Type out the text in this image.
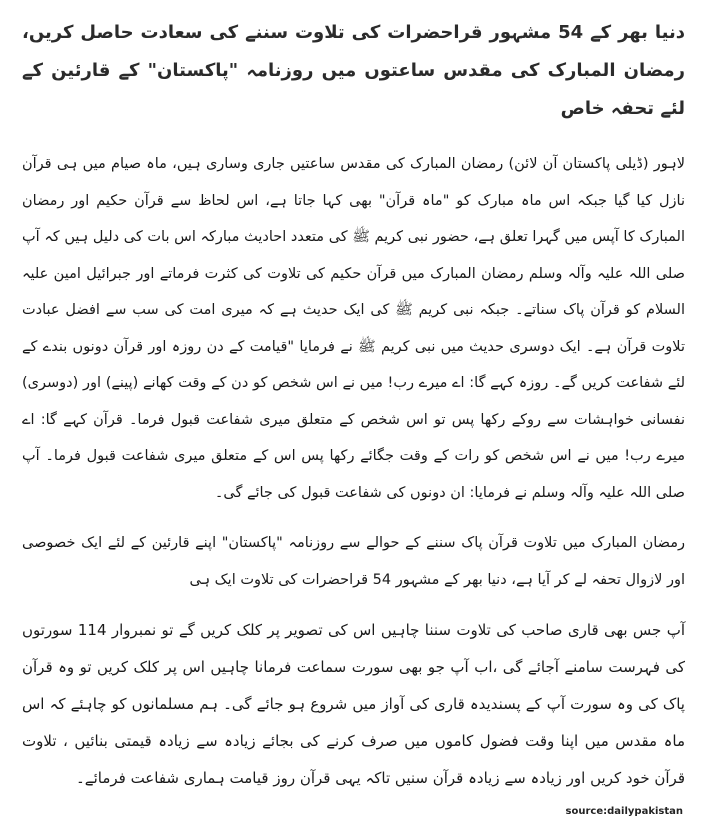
دنیا بھر کے 54 مشہور قراحضرات کی تلاوت سننے کی سعادت حاصل کریں، رمضان المبارک کی مقدس ساعتوں میں روزنامہ "پاکستان" کے قارئین کے لئے تحفہ خاص

لاہور (ڈیلی پاکستان آن لائن) رمضان المبارک کی مقدس ساعتیں جاری وساری ہیں، ماہ صیام میں ہی قرآن نازل کیا گیا جبکہ اس ماہ مبارک کو "ماہ قرآن" بھی کہا جاتا ہے، اس لحاظ سے قرآن حکیم اور رمضان المبارک کا آپس میں گہرا تعلق ہے، حضور نبی کریم ﷺ کی متعدد احادیث مبارکہ اس بات کی دلیل ہیں کہ آپ صلی اللہ علیہ وآلہ وسلم رمضان المبارک میں قرآن حکیم کی تلاوت کی کثرت فرماتے اور جبرائیل امین علیہ السلام کو قرآن پاک سناتے۔ جبکہ نبی کریم ﷺ کی ایک حدیث ہے کہ میری امت کی سب سے افضل عبادت تلاوت قرآن ہے۔ ایک دوسری حدیث میں نبی کریم ﷺ نے فرمایا "قیامت کے دن روزہ اور قرآن دونوں بندے کے لئے شفاعت کریں گے۔ روزہ کہے گا: اے میرے رب! میں نے اس شخص کو دن کے وقت کھانے (پینے) اور (دوسری) نفسانی خواہشات سے روکے رکھا پس تو اس شخص کے متعلق میری شفاعت قبول فرما۔ قرآن کہے گا: اے میرے رب! میں نے اس شخص کو رات کے وقت جگائے رکھا پس اس کے متعلق میری شفاعت قبول فرما۔ آپ صلی اللہ علیہ وآلہ وسلم نے فرمایا: ان دونوں کی شفاعت قبول کی جائے گی۔

رمضان المبارک میں تلاوت قرآن پاک سننے کے حوالے سے روزنامہ "پاکستان" اپنے قارئین کے لئے ایک خصوصی اور لازوال تحفہ لے کر آیا ہے، دنیا بھر کے مشہور 54 قراحضرات کی تلاوت ایک ہی

آپ جس بھی قاری صاحب کی تلاوت سننا چاہیں اس کی تصویر پر کلک کریں گے تو نمبروار 114 سورتوں کی فہرست سامنے آجائے گی ،اب آپ جو بھی سورت سماعت فرمانا چاہیں اس پر کلک کریں تو وہ قرآن پاک کی وہ سورت آپ کے پسندیدہ قاری کی آواز میں شروع ہو جائے گی۔ ہم مسلمانوں کو چاہئے کہ اس ماہ مقدس میں اپنا وقت فضول کاموں میں صرف کرنے کی بجائے زیادہ سے زیادہ قیمتی بنائیں ، تلاوت قرآن خود کریں اور زیادہ سے زیادہ قرآن سنیں تاکہ یہی قرآن روز قیامت ہماری شفاعت فرمائے۔

source:dailypakistan
